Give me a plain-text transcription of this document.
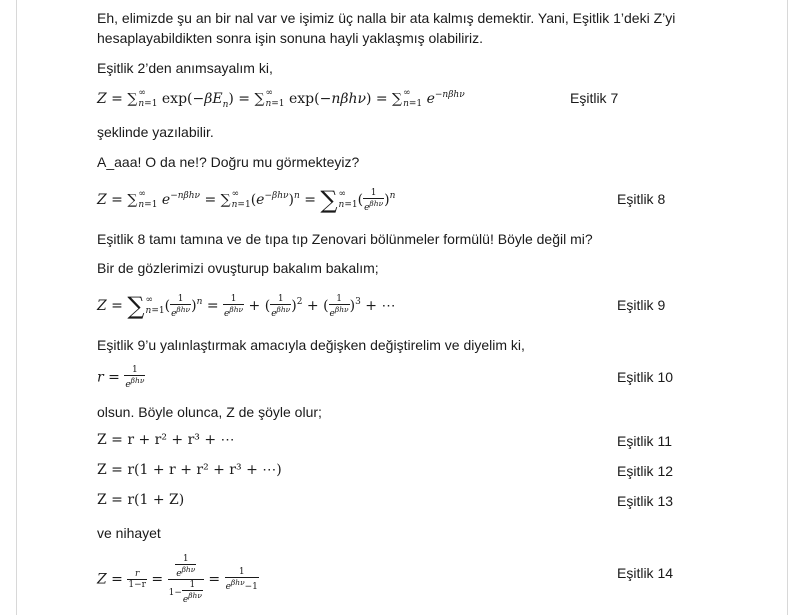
Eh, elimizde şu an bir nal var ve işimiz üç nalla bir ata kalmış demektir. Yani, Eşitlik 1’deki Z’yi hesaplayabildikten sonra işin sonuna hayli yaklaşmış olabiliriz.
Eşitlik 2’den anımsayalım ki,
Z = ∑ ∞
n=1 $\exp(-\beta E_n)$ = ∑ ∞
n=1 exp(−nβhν) = ∑ ∞
n=1 $e^{-n\beta h\nu}$	Eşitlik 7
şeklinde yazılabilir.
A_aaa! O da ne!? Doğru mu görmekteyiz?
Z = ∑ ∞
n=1 $e^{-n\beta h\nu}$ = ∑ ∞
n=1 $(e^{-\beta h\nu})^n$ = ∑ ∞
n=1 ( $\frac{1}{e^{\beta h\nu}} )^n$	Eşitlik 8
Eşitlik 8 tamı tamına ve de tıpa tıp Zenovari bölünmeler formülü! Böyle değil mi?
Bir de gözlerimizi ovuşturup bakalım bakalım;
Z = ∑ ∞
n=1 ( $\frac{1}{e^{\beta h\nu}} )^n = \frac{1}{e^{\beta h\nu}}$ + ( $\frac{1}{e^{\beta h\nu}} )^2$ + ( $\frac{1}{e^{\beta h\nu}} )^3$ + ⋯	Eşitlik 9
Eşitlik 9’u yalınlaştırmak amacıyla değişken değiştirelim ve diyelim ki,
$r = \frac{1}{e^{\beta h\nu}}$	Eşitlik 10
olsun. Böyle olunca, Z de şöyle olur;
Z = r + r² + r³ + ⋯	Eşitlik 11
Z = r(1 + r + r² + r³ + ⋯)	Eşitlik 12
Z = r(1 + Z)	Eşitlik 13
ve nihayet
$Z = \frac{r}{1-r} = \frac{\frac{1}{e^{\beta h\nu}}}{1- \frac{1}{e^{\beta h\nu}}} = \frac{1}{e^{\beta h\nu}-1}$	Eşitlik 14
